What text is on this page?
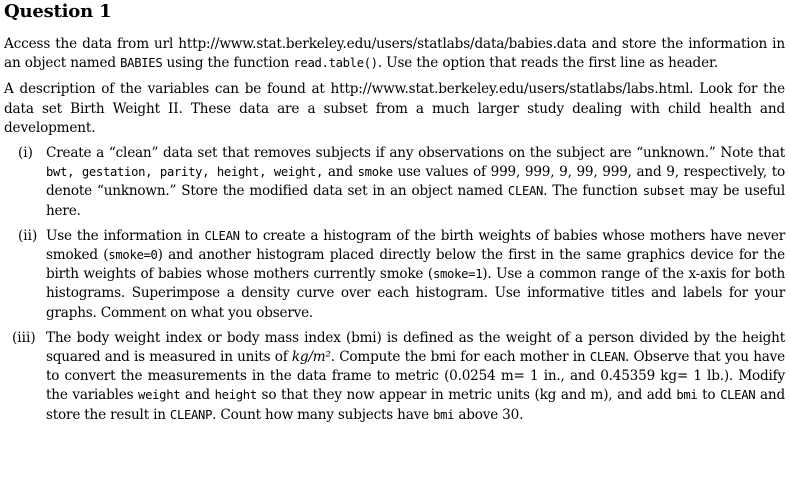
Question 1

Access the data from url http://www.stat.berkeley.edu/users/statlabs/data/babies.data and store the information in an object named BABIES using the function read.table(). Use the option that reads the first line as header.

A description of the variables can be found at http://www.stat.berkeley.edu/users/statlabs/labs.html. Look for the data set Birth Weight II. These data are a subset from a much larger study dealing with child health and development.

(i) Create a “clean” data set that removes subjects if any observations on the subject are “unknown.” Note that bwt, gestation, parity, height, weight, and smoke use values of 999, 999, 9, 99, 999, and 9, respectively, to denote “unknown.” Store the modified data set in an object named CLEAN. The function subset may be useful here.

(ii) Use the information in CLEAN to create a histogram of the birth weights of babies whose mothers have never smoked (smoke=0) and another histogram placed directly below the first in the same graphics device for the birth weights of babies whose mothers currently smoke (smoke=1). Use a common range of the x-axis for both histograms. Superimpose a density curve over each histogram. Use informative titles and labels for your graphs. Comment on what you observe.

(iii) The body weight index or body mass index (bmi) is defined as the weight of a person divided by the height squared and is measured in units of kg/m². Compute the bmi for each mother in CLEAN. Observe that you have to convert the measurements in the data frame to metric (0.0254 m= 1 in., and 0.45359 kg= 1 lb.). Modify the variables weight and height so that they now appear in metric units (kg and m), and add bmi to CLEAN and store the result in CLEANP. Count how many subjects have bmi above 30.
